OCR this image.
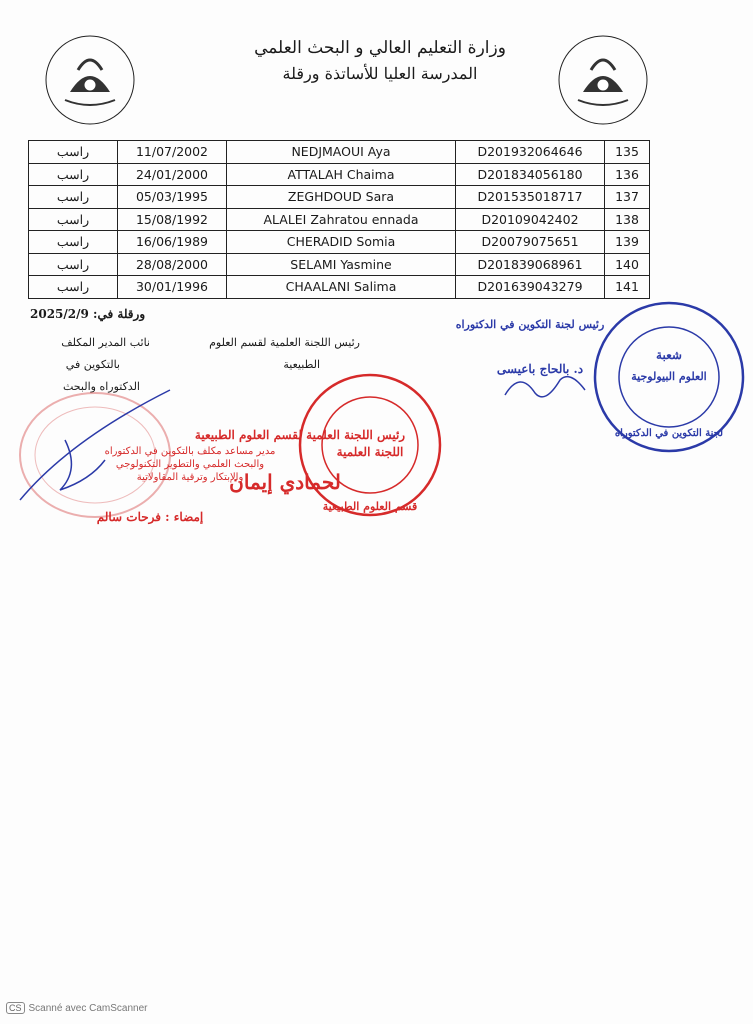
وزارة التعليم العالي و البحث العلمي
المدرسة العليا للأساتذة ورقلة
راسب	11/07/2002	NEDJMAOUI Aya	D201932064646	135
راسب	24/01/2000	ATTALAH Chaima	D201834056180	136
راسب	05/03/1995	ZEGHDOUD Sara	D201535018717	137
راسب	15/08/1992	ALALEI Zahratou ennada	D20109042402	138
راسب	16/06/1989	CHERADID Somia	D20079075651	139
راسب	28/08/2000	SELAMI Yasmine	D201839068961	140
راسب	30/01/1996	CHAALANI Salima	D201639043279	141
ورقلة في: 2025/2/9
نائب المدير المكلف
بالتكوين في
الدكتوراه والبحث
رئيس اللجنة العلمية لقسم العلوم
الطبيعية
مدير مساعد مكلف بالتكوين في الدكتوراه
والبحث العلمي والتطوير التكنولوجي
والإبتكار وترقية المقاولاتية
إمضاء : فرحات سالم
رئيس اللجنة العلمية لقسم العلوم الطبيعية
اللجنة العلمية
لحمادي إيمان
قسم العلوم الطبيعية
شعبة
العلوم البيولوجية
لجنة التكوين في الدكتوراه
رئيس لجنة التكوين في الدكتوراه
د. بالحاج باعيسى
CS Scanné avec CamScanner
